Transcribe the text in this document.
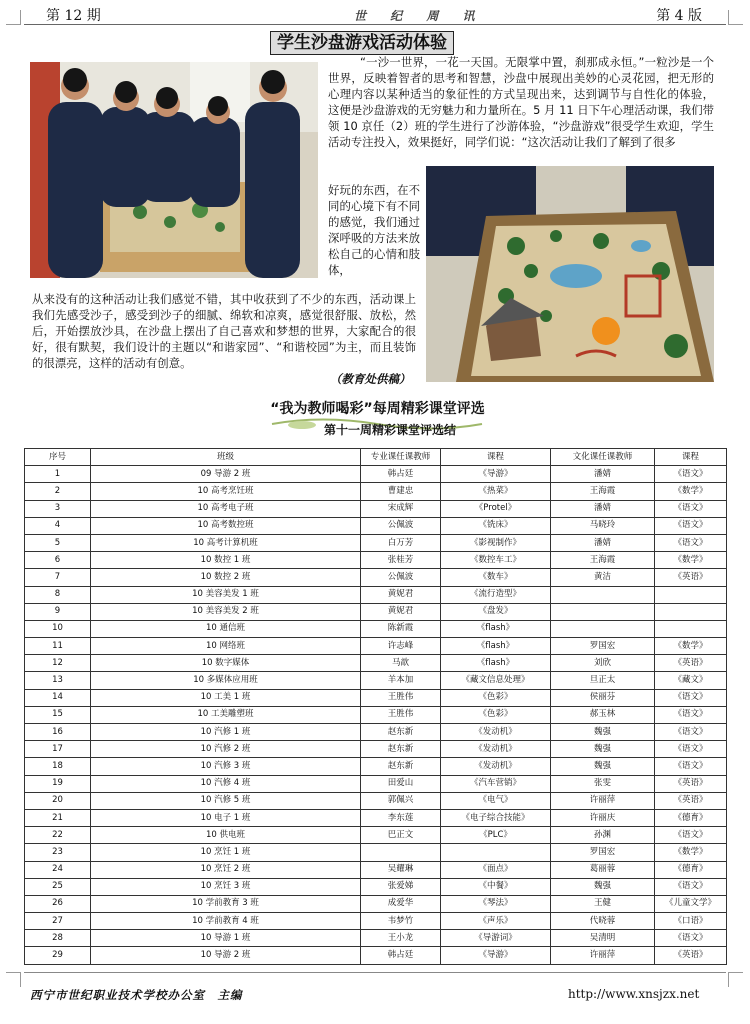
第 12 期	世 纪 周 讯	第 4 版
学生沙盘游戏活动体验
“一沙一世界，一花一天国。无限掌中置，刹那成永恒。”一粒沙是一个世界，反映着智者的思考和智慧，沙盘中展现出美妙的心灵花园，把无形的心理内容以某种适当的象征性的方式呈现出来，达到调节与自性化的体验，这便是沙盘游戏的无穷魅力和力量所在。5 月 11 日下午心理活动课，我们带领 10 京任（2）班的学生进行了沙游体验，“沙盘游戏”很受学生欢迎，学生活动专注投入，效果挺好，同学们说：“这次活动让我们了解到了很多
好玩的东西，在不同的心境下有不同的感觉，我们通过深呼吸的方法来放松自己的心情和肢体，
从来没有的这种活动让我们感觉不错，其中收获到了不少的东西，活动课上我们先感受沙子，感受到沙子的细腻、绵软和凉爽，感觉很舒服、放松，然后，开始摆放沙具，在沙盘上摆出了自己喜欢和梦想的世界，大家配合的很好，很有默契，我们设计的主题以“和谐家园”、“和谐校园”为主，而且装饰的很漂亮，这样的活动有创意。
（教育处供稿）
“我为教师喝彩”每周精彩课堂评选
第十一周精彩课堂评选结
序号	班级	专业课任课教师	课程	文化课任课教师	课程
1	09 导游 2 班	韩占廷	《导游》	潘婧	《语文》
2	10 高考烹饪班	曹建忠	《热菜》	王海霞	《数学》
3	10 高考电子班	宋成辉	《Protel》	潘婧	《语文》
4	10 高考数控班	公佩波	《铣床》	马晓玲	《语文》
5	10 高考计算机班	白万芳	《影视制作》	潘婧	《语文》
6	10 数控 1 班	张桂芳	《数控车工》	王海霞	《数学》
7	10 数控 2 班	公佩波	《数车》	黄洁	《英语》
8	10 美容美发 1 班	黄妮君	《流行造型》		
9	10 美容美发 2 班	黄妮君	《盘发》		
10	10 通信班	陈新霞	《flash》		
11	10 网络班	许志峰	《flash》	罗国宏	《数学》
12	10 数字媒体	马歆	《flash》	刘欣	《英语》
13	10 多媒体应用班	羊本加	《藏文信息处理》	旦正太	《藏文》
14	10 工美 1 班	王胜伟	《色彩》	侯丽芬	《语文》
15	10 工美雕塑班	王胜伟	《色彩》	郝玉林	《语文》
16	10 汽修 1 班	赵东新	《发动机》	魏强	《语文》
17	10 汽修 2 班	赵东新	《发动机》	魏强	《语文》
18	10 汽修 3 班	赵东新	《发动机》	魏强	《语文》
19	10 汽修 4 班	田爱山	《汽车营销》	张雯	《英语》
20	10 汽修 5 班	郭佩兴	《电气》	许丽萍	《英语》
21	10 电子 1 班	李东莲	《电子综合技能》	许丽庆	《德育》
22	10 供电班	巴正文	《PLC》	孙渊	《语文》
23	10 烹饪 1 班			罗国宏	《数学》
24	10 烹饪 2 班	吴耀琳	《面点》	葛丽蓉	《德育》
25	10 烹饪 3 班	张爱娣	《中餐》	魏强	《语文》
26	10 学前教育 3 班	成爱华	《琴法》	王健	《儿童文学》
27	10 学前教育 4 班	韦梦竹	《声乐》	代晓蓉	《口语》
28	10 导游 1 班	王小龙	《导游词》	吴清明	《语文》
29	10 导游 2 班	韩占廷	《导游》	许丽萍	《英语》
西宁市世纪职业技术学校办公室　主编	http://www.xnsjzx.net
